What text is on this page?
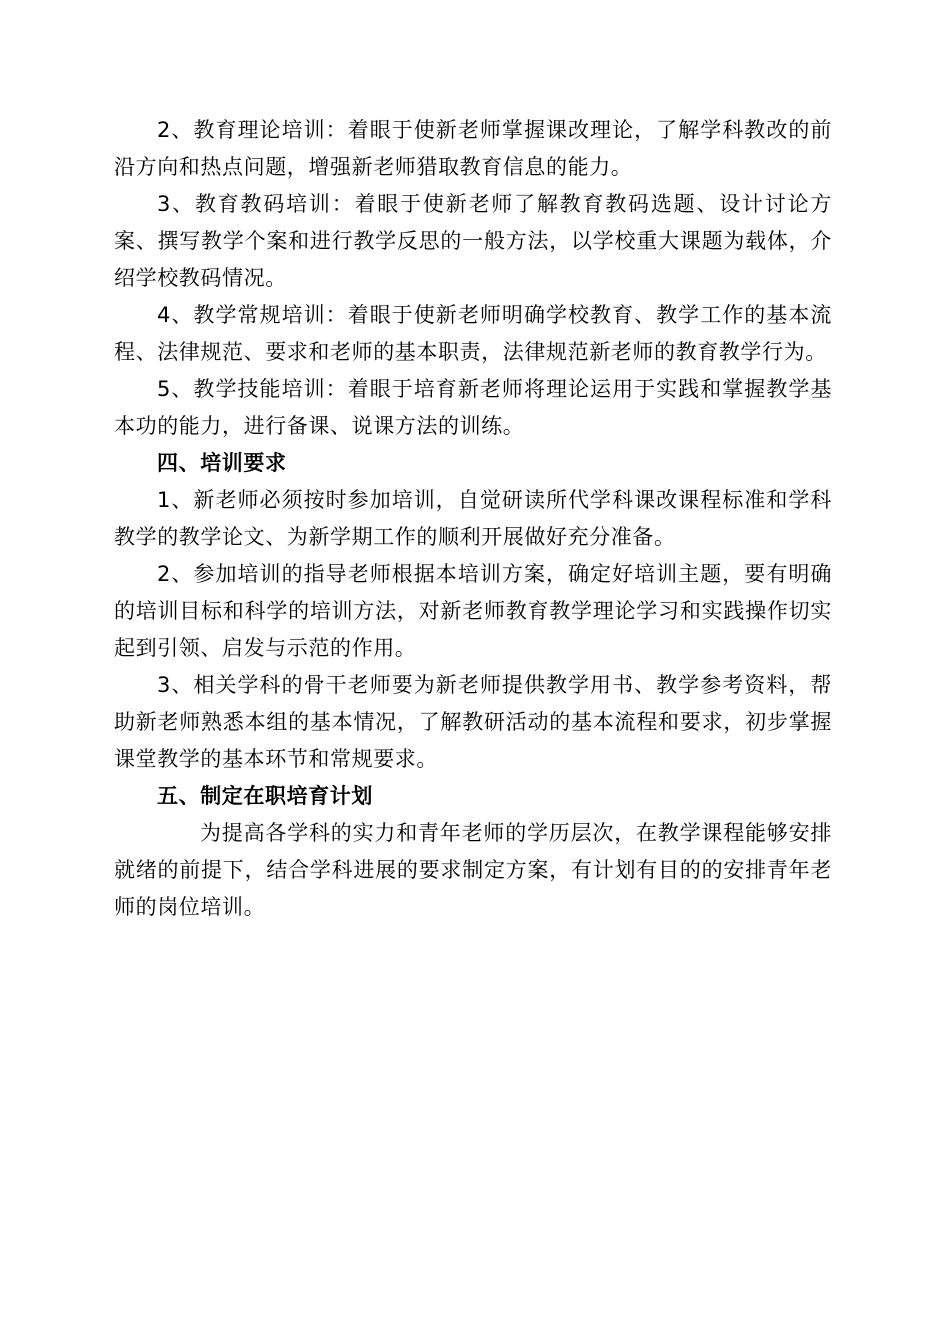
2、教育理论培训：着眼于使新老师掌握课改理论，了解学科教改的前沿方向和热点问题，增强新老师猎取教育信息的能力。

3、教育教码培训：着眼于使新老师了解教育教码选题、设计讨论方案、撰写教学个案和进行教学反思的一般方法，以学校重大课题为载体，介绍学校教码情况。

4、教学常规培训：着眼于使新老师明确学校教育、教学工作的基本流程、法律规范、要求和老师的基本职责，法律规范新老师的教育教学行为。

5、教学技能培训：着眼于培育新老师将理论运用于实践和掌握教学基本功的能力，进行备课、说课方法的训练。

四、培训要求

1、新老师必须按时参加培训，自觉研读所代学科课改课程标准和学科教学的教学论文、为新学期工作的顺利开展做好充分准备。

2、参加培训的指导老师根据本培训方案，确定好培训主题，要有明确的培训目标和科学的培训方法，对新老师教育教学理论学习和实践操作切实起到引领、启发与示范的作用。

3、相关学科的骨干老师要为新老师提供教学用书、教学参考资料，帮助新老师熟悉本组的基本情况，了解教研活动的基本流程和要求，初步掌握课堂教学的基本环节和常规要求。

五、制定在职培育计划

为提高各学科的实力和青年老师的学历层次，在教学课程能够安排就绪的前提下，结合学科进展的要求制定方案，有计划有目的的安排青年老师的岗位培训。
